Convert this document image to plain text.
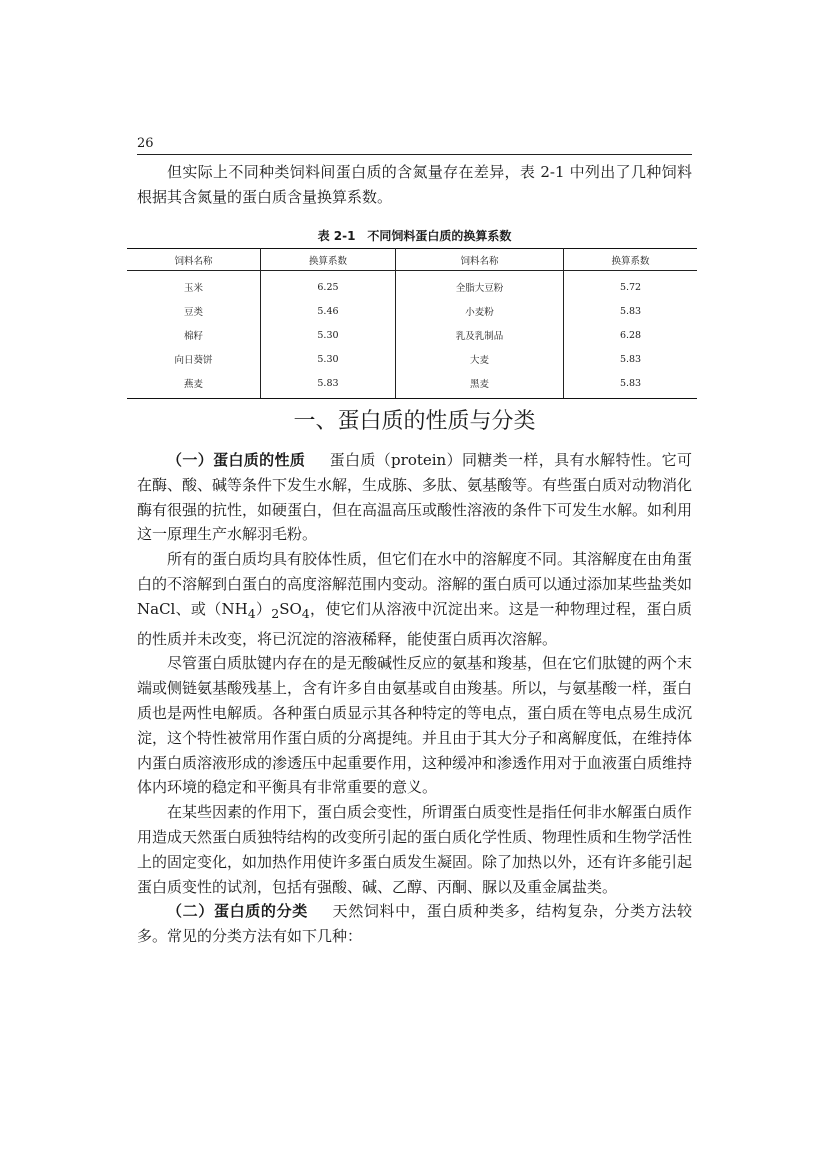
26

但实际上不同种类饲料间蛋白质的含氮量存在差异，表 2-1 中列出了几种饲料根据其含氮量的蛋白质含量换算系数。

表 2-1　不同饲料蛋白质的换算系数
饲料名称	换算系数	饲料名称	换算系数
玉米	6.25	全脂大豆粉	5.72
豆类	5.46	小麦粉	5.83
棉籽	5.30	乳及乳制品	6.28
向日葵饼	5.30	大麦	5.83
燕麦	5.83	黑麦	5.83
一、蛋白质的性质与分类

（一）蛋白质的性质 蛋白质（protein）同糖类一样，具有水解特性。它可在酶、酸、碱等条件下发生水解，生成胨、多肽、氨基酸等。有些蛋白质对动物消化酶有很强的抗性，如硬蛋白，但在高温高压或酸性溶液的条件下可发生水解。如利用这一原理生产水解羽毛粉。

所有的蛋白质均具有胶体性质，但它们在水中的溶解度不同。其溶解度在由角蛋白的不溶解到白蛋白的高度溶解范围内变动。溶解的蛋白质可以通过添加某些盐类如 NaCl、或$(NH_4)_2SO_4$，使它们从溶液中沉淀出来。这是一种物理过程，蛋白质的性质并未改变，将已沉淀的溶液稀释，能使蛋白质再次溶解。

尽管蛋白质肽键内存在的是无酸碱性反应的氨基和羧基，但在它们肽键的两个末端或侧链氨基酸残基上，含有许多自由氨基或自由羧基。所以，与氨基酸一样，蛋白质也是两性电解质。各种蛋白质显示其各种特定的等电点，蛋白质在等电点易生成沉淀，这个特性被常用作蛋白质的分离提纯。并且由于其大分子和离解度低，在维持体内蛋白质溶液形成的渗透压中起重要作用，这种缓冲和渗透作用对于血液蛋白质维持体内环境的稳定和平衡具有非常重要的意义。

在某些因素的作用下，蛋白质会变性，所谓蛋白质变性是指任何非水解蛋白质作用造成天然蛋白质独特结构的改变所引起的蛋白质化学性质、物理性质和生物学活性上的固定变化，如加热作用使许多蛋白质发生凝固。除了加热以外，还有许多能引起蛋白质变性的试剂，包括有强酸、碱、乙醇、丙酮、脲以及重金属盐类。

（二）蛋白质的分类 天然饲料中，蛋白质种类多，结构复杂，分类方法较多。常见的分类方法有如下几种：
